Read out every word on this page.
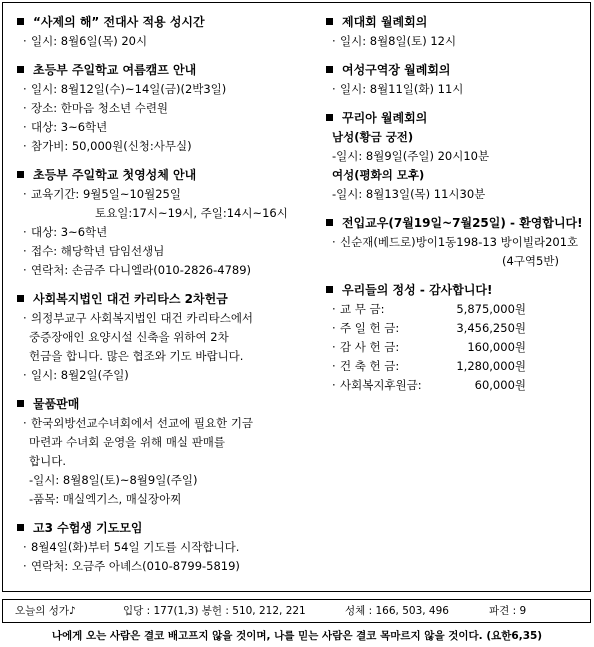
“사제의 해” 전대사 적용 성시간
· 일시: 8월6일(목) 20시
초등부 주일학교 여름캠프 안내
· 일시: 8월12일(수)~14일(금)(2박3일)
· 장소: 한마음 청소년 수련원
· 대상: 3~6학년
· 참가비: 50,000원(신청:사무실)
초등부 주일학교 첫영성체 안내
· 교육기간: 9월5일~10월25일
토요일:17시~19시, 주일:14시~16시
· 대상: 3~6학년
· 접수: 해당학년 담임선생님
· 연락처: 손금주 다니엘라(010-2826-4789)
사회복지법인 대건 카리타스 2차헌금
· 의정부교구 사회복지법인 대건 카리타스에서
중증장애인 요양시설 신축을 위하여 2차
헌금을 합니다. 많은 협조와 기도 바랍니다.
· 일시: 8월2일(주일)
물품판매
· 한국외방선교수녀회에서 선교에 필요한 기금
마련과 수녀회 운영을 위해 매실 판매를
합니다.
-일시: 8월8일(토)~8월9일(주일)
-품목: 매실엑기스, 매실장아찌
고3 수험생 기도모임
· 8월4일(화)부터 54일 기도를 시작합니다.
· 연락처: 오금주 아녜스(010-8799-5819)
제대회 월례회의
· 일시: 8월8일(토) 12시
여성구역장 월례회의
· 일시: 8월11일(화) 11시
꾸리아 월례회의
남성(황금 궁전)
-일시: 8월9일(주일) 20시10분
여성(평화의 모후)
-일시: 8월13일(목) 11시30분
전입교우(7월19일~7월25일) - 환영합니다!
· 신순재(베드로)방이1동198-13 방이빌라201호
(4구역5반)
우리들의 정성 - 감사합니다!
· 교 무 금:	5,875,000원
· 주 일 헌 금:	3,456,250원
· 감 사 헌 금:	160,000원
· 건 축 헌 금:	1,280,000원
· 사회복지후원금:	60,000원
오늘의 성가♪	입당 : 177(1,3) 봉헌 : 510, 212, 221	성체 : 166, 503, 496	파견 : 9
나에게 오는 사람은 결코 배고프지 않을 것이며, 나를 믿는 사람은 결코 목마르지 않을 것이다. (요한6,35)
